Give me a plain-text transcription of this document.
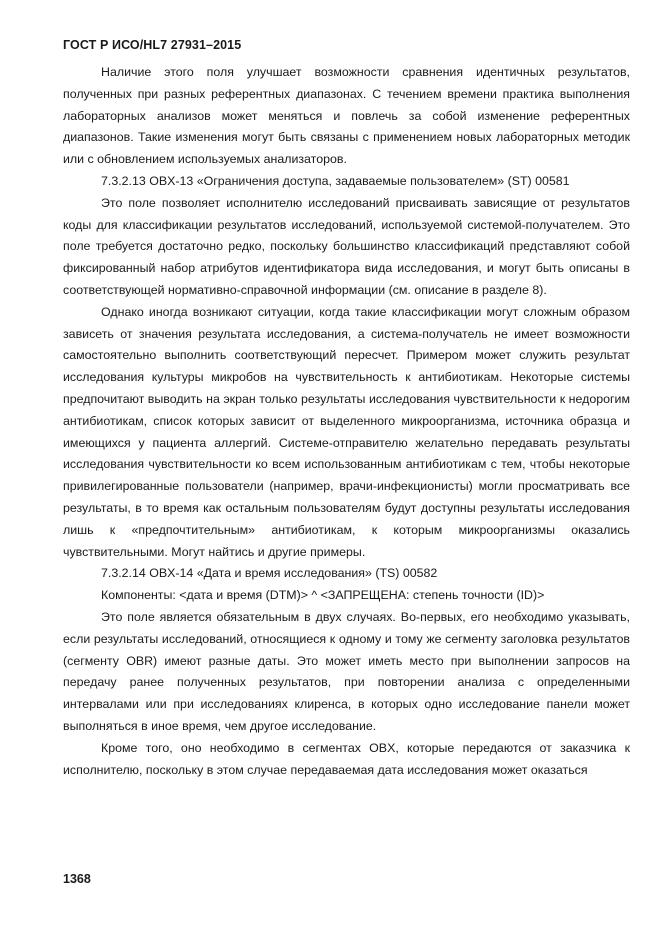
ГОСТ Р ИСО/HL7 27931–2015

Наличие этого поля улучшает возможности сравнения идентичных результатов, полученных при разных референтных диапазонах. С течением времени практика выполнения лабораторных анализов может меняться и повлечь за собой изменение референтных диапазонов. Такие изменения могут быть связаны с применением новых лабораторных методик или с обновлением используемых анализаторов.

7.3.2.13 OBX-13 «Ограничения доступа, задаваемые пользователем» (ST) 00581

Это поле позволяет исполнителю исследований присваивать зависящие от результатов коды для классификации результатов исследований, используемой системой-получателем. Это поле требуется достаточно редко, поскольку большинство классификаций представляют собой фиксированный набор атрибутов идентификатора вида исследования, и могут быть описаны в соответствующей нормативно-справочной информации (см. описание в разделе 8).

Однако иногда возникают ситуации, когда такие классификации могут сложным образом зависеть от значения результата исследования, а система-получатель не имеет возможности самостоятельно выполнить соответствующий пересчет. Примером может служить результат исследования культуры микробов на чувствительность к антибиотикам. Некоторые системы предпочитают выводить на экран только результаты исследования чувствительности к недорогим антибиотикам, список которых зависит от выделенного микроорганизма, источника образца и имеющихся у пациента аллергий. Системе-отправителю желательно передавать результаты исследования чувствительности ко всем использованным антибиотикам с тем, чтобы некоторые привилегированные пользователи (например, врачи-инфекционисты) могли просматривать все результаты, в то время как остальным пользователям будут доступны результаты исследования лишь к «предпочтительным» антибиотикам, к которым микроорганизмы оказались чувствительными. Могут найтись и другие примеры.

7.3.2.14 OBX-14 «Дата и время исследования» (TS) 00582

Компоненты: <дата и время (DTM)> ^ <ЗАПРЕЩЕНА: степень точности (ID)>

Это поле является обязательным в двух случаях. Во-первых, его необходимо указывать, если результаты исследований, относящиеся к одному и тому же сегменту заголовка результатов (сегменту OBR) имеют разные даты. Это может иметь место при выполнении запросов на передачу ранее полученных результатов, при повторении анализа с определенными интервалами или при исследованиях клиренса, в которых одно исследование панели может выполняться в иное время, чем другое исследование.

Кроме того, оно необходимо в сегментах OBX, которые передаются от заказчика к исполнителю, поскольку в этом случае передаваемая дата исследования может оказаться

1368
